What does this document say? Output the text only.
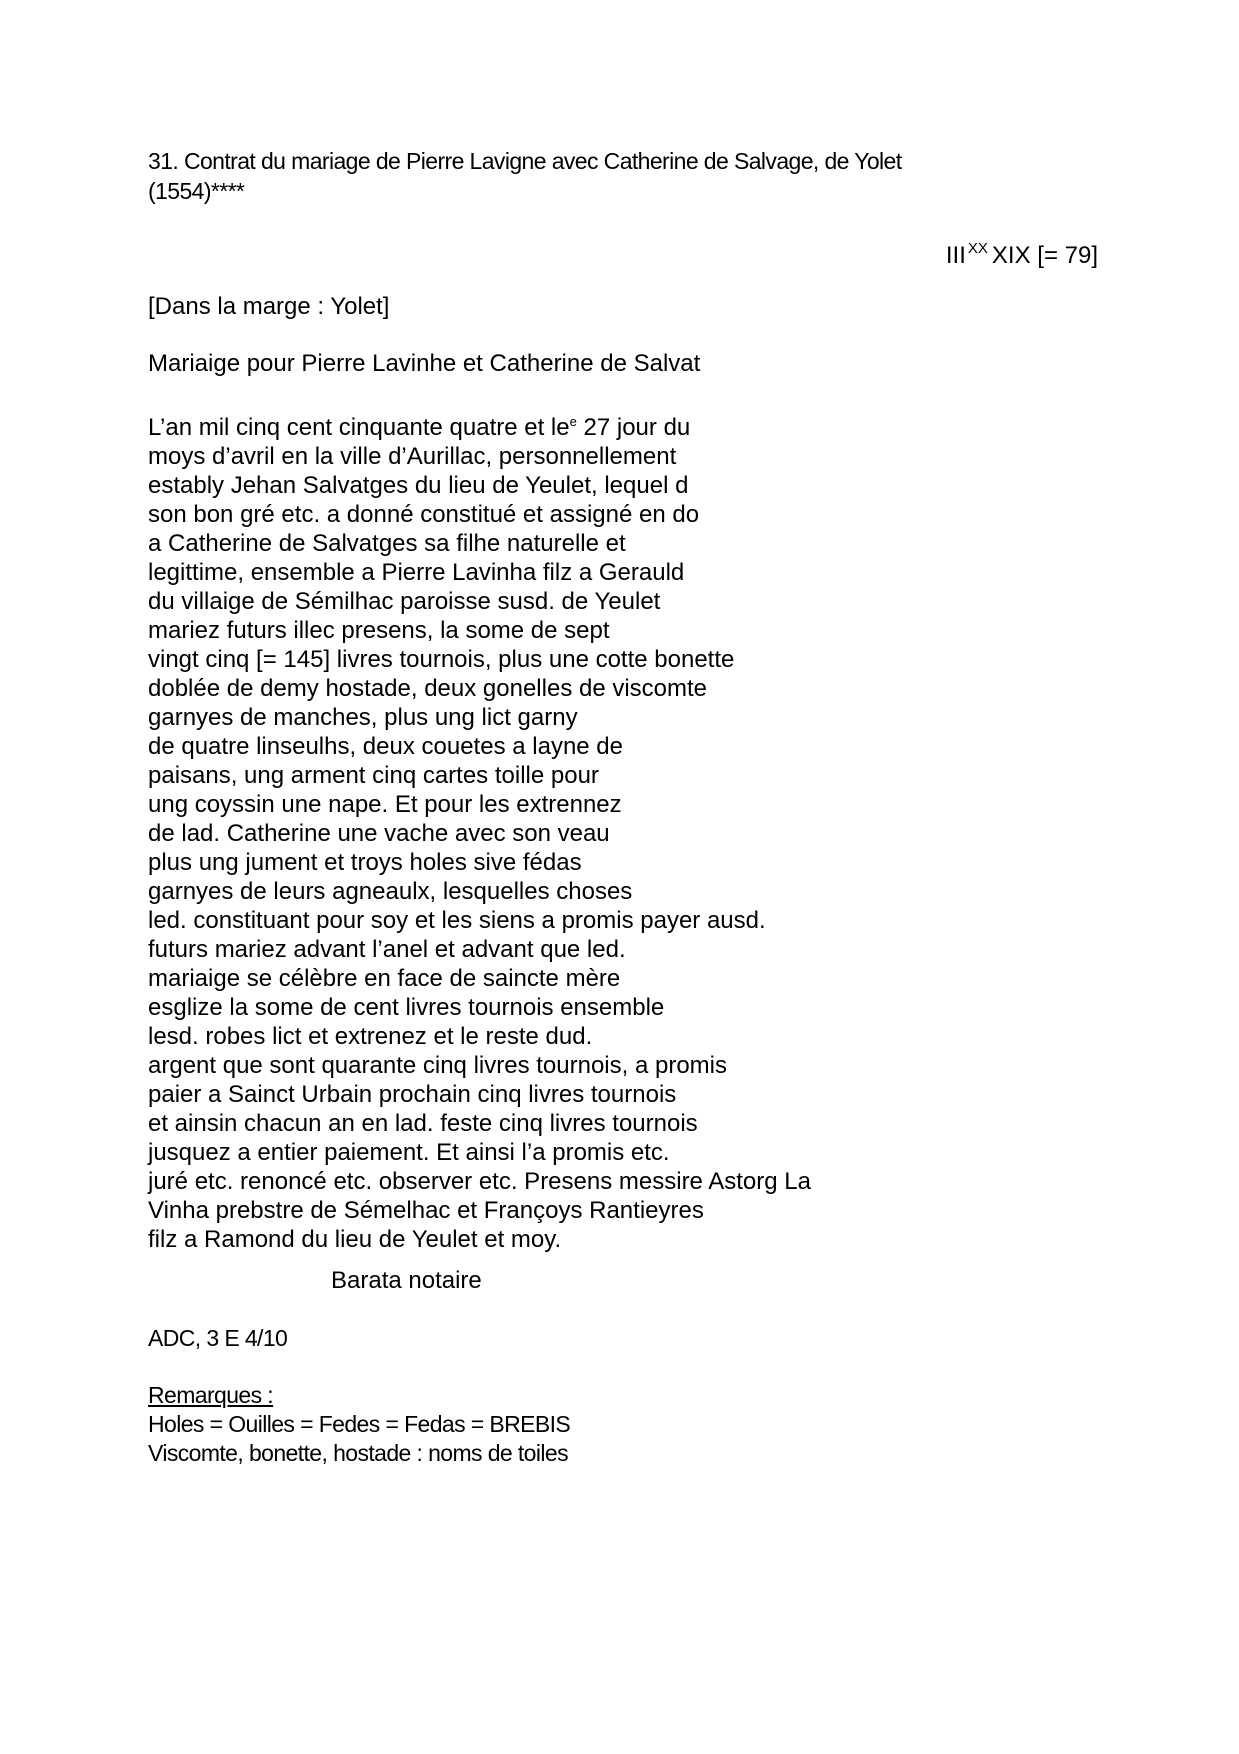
31. Contrat du mariage de Pierre Lavigne avec Catherine de Salvage, de Yolet
(1554)****

III $^{XX}$ XIX [= 79]

[Dans la marge : Yolet]

Mariaige pour Pierre Lavinhe et Catherine de Salvat

L’an mil cinq cent cinquante quatre et $le^e$ 27 jour du
moys d’avril en la ville d’Aurillac, personnellement
estably Jehan Salvatges du lieu de Yeulet, lequel d
son bon gré etc. a donné constitué et assigné en do
a Catherine de Salvatges sa filhe naturelle et
legittime, ensemble a Pierre Lavinha filz a Gerauld
du villaige de Sémilhac paroisse susd. de Yeulet
mariez futurs illec presens, la some de sept
vingt cinq [= 145] livres tournois, plus une cotte bonette
doblée de demy hostade, deux gonelles de viscomte
garnyes de manches, plus ung lict garny
de quatre linseulhs, deux couetes a layne de
paisans, ung arment cinq cartes toille pour
ung coyssin une nape. Et pour les extrennez
de lad. Catherine une vache avec son veau
plus ung jument et troys holes sive fédas
garnyes de leurs agneaulx, lesquelles choses
led. constituant pour soy et les siens a promis payer ausd.
futurs mariez advant l’anel et advant que led.
mariaige se célèbre en face de saincte mère
esglize la some de cent livres tournois ensemble
lesd. robes lict et extrenez et le reste dud.
argent que sont quarante cinq livres tournois, a promis
paier a Sainct Urbain prochain cinq livres tournois
et ainsin chacun an en lad. feste cinq livres tournois
jusquez a entier paiement. Et ainsi l’a promis etc.
juré etc. renoncé etc. observer etc. Presens messire Astorg La
Vinha prebstre de Sémelhac et Françoys Rantieyres
filz a Ramond du lieu de Yeulet et moy.

Barata notaire

ADC, 3 E 4/10

Remarques :
Holes = Ouilles = Fedes = Fedas = BREBIS
Viscomte, bonette, hostade : noms de toiles
